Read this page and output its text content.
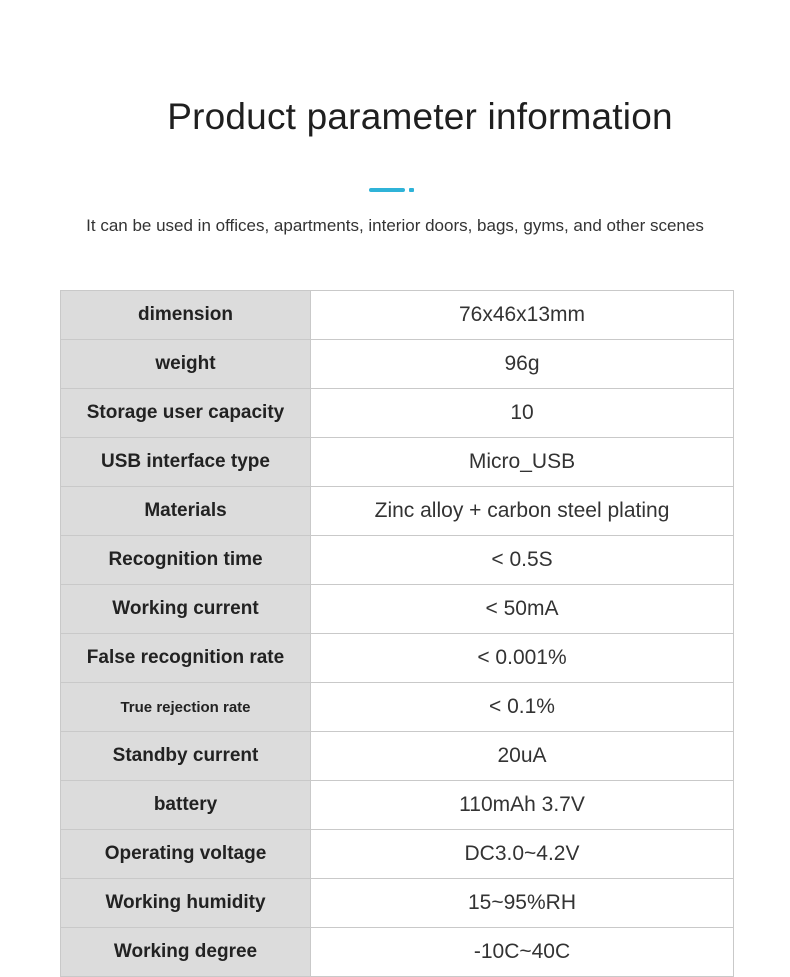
Product parameter information
It can be used in offices, apartments, interior doors, bags, gyms, and other scenes
dimension	76x46x13mm
weight	96g
Storage user capacity	10
USB interface type	Micro_USB
Materials	Zinc alloy + carbon steel plating
Recognition time	< 0.5S
Working current	< 50mA
False recognition rate	< 0.001%
True rejection rate	< 0.1%
Standby current	20uA
battery	110mAh 3.7V
Operating voltage	DC3.0~4.2V
Working humidity	15~95%RH
Working degree	-10C~40C
